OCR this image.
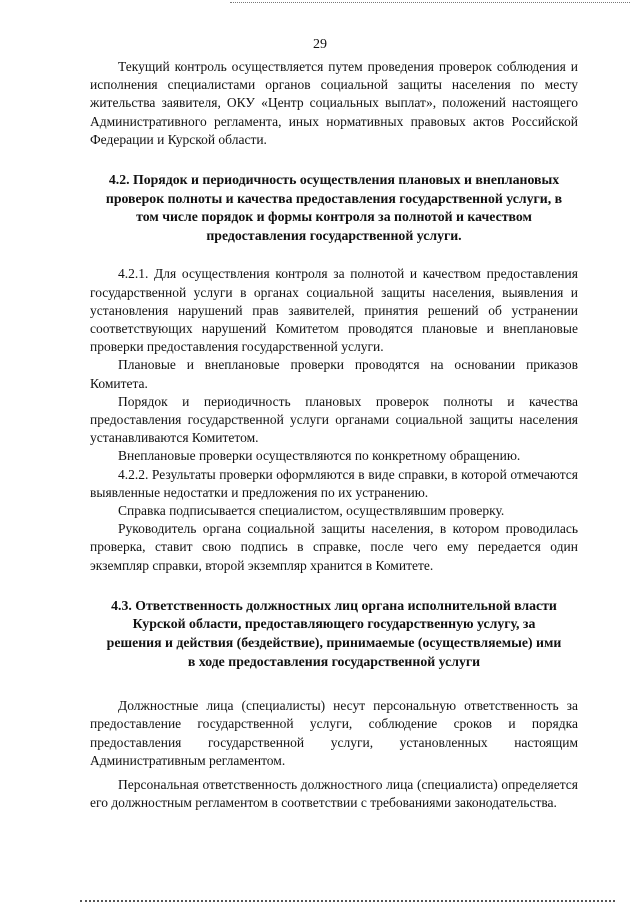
29

Текущий контроль осуществляется путем проведения проверок соблюдения и исполнения специалистами органов социальной защиты населения по месту жительства заявителя, ОКУ «Центр социальных выплат», положений настоящего Административного регламента, иных нормативных правовых актов Российской Федерации и Курской области.

4.2. Порядок и периодичность осуществления плановых и внеплановых проверок полноты и качества предоставления государственной услуги, в том числе порядок и формы контроля за полнотой и качеством предоставления государственной услуги.

4.2.1. Для осуществления контроля за полнотой и качеством предоставления государственной услуги в органах социальной защиты населения, выявления и установления нарушений прав заявителей, принятия решений об устранении соответствующих нарушений Комитетом проводятся плановые и внеплановые проверки предоставления государственной услуги.

Плановые и внеплановые проверки проводятся на основании приказов Комитета.

Порядок и периодичность плановых проверок полноты и качества предоставления государственной услуги органами социальной защиты населения устанавливаются Комитетом.

Внеплановые проверки осуществляются по конкретному обращению.

4.2.2. Результаты проверки оформляются в виде справки, в которой отмечаются выявленные недостатки и предложения по их устранению.

Справка подписывается специалистом, осуществлявшим проверку.

Руководитель органа социальной защиты населения, в котором проводилась проверка, ставит свою подпись в справке, после чего ему передается один экземпляр справки, второй экземпляр хранится в Комитете.

4.3. Ответственность должностных лиц органа исполнительной власти Курской области, предоставляющего государственную услугу, за решения и действия (бездействие), принимаемые (осуществляемые) ими в ходе предоставления государственной услуги

Должностные лица (специалисты) несут персональную ответственность за предоставление государственной услуги, соблюдение сроков и порядка предоставления государственной услуги, установленных настоящим Административным регламентом.

Персональная ответственность должностного лица (специалиста) определяется его должностным регламентом в соответствии с требованиями законодательства.
